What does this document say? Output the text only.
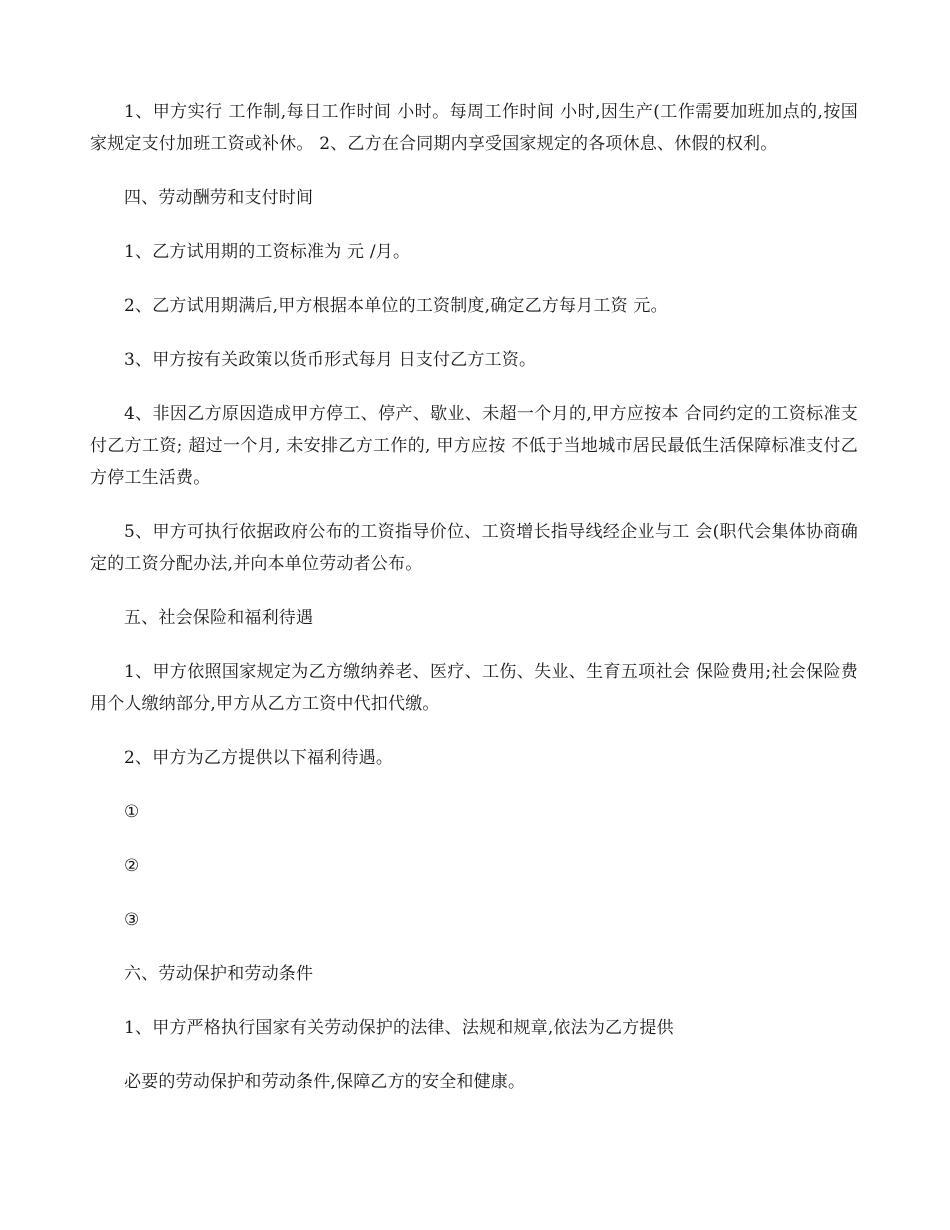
1、甲方实行 工作制,每日工作时间 小时。每周工作时间 小时,因生产(工作需要加班加点的,按国家规定支付加班工资或补休。 2、乙方在合同期内享受国家规定的各项休息、休假的权利。

四、劳动酬劳和支付时间

1、乙方试用期的工资标准为 元 /月。

2、乙方试用期满后,甲方根据本单位的工资制度,确定乙方每月工资 元。

3、甲方按有关政策以货币形式每月 日支付乙方工资。

4、非因乙方原因造成甲方停工、停产、歇业、未超一个月的,甲方应按本 合同约定的工资标准支付乙方工资; 超过一个月, 未安排乙方工作的, 甲方应按 不低于当地城市居民最低生活保障标准支付乙方停工生活费。

5、甲方可执行依据政府公布的工资指导价位、工资增长指导线经企业与工 会(职代会集体协商确定的工资分配办法,并向本单位劳动者公布。

五、社会保险和福利待遇

1、甲方依照国家规定为乙方缴纳养老、医疗、工伤、失业、生育五项社会 保险费用;社会保险费用个人缴纳部分,甲方从乙方工资中代扣代缴。

2、甲方为乙方提供以下福利待遇。

①

②

③

六、劳动保护和劳动条件

1、甲方严格执行国家有关劳动保护的法律、法规和规章,依法为乙方提供

必要的劳动保护和劳动条件,保障乙方的安全和健康。
